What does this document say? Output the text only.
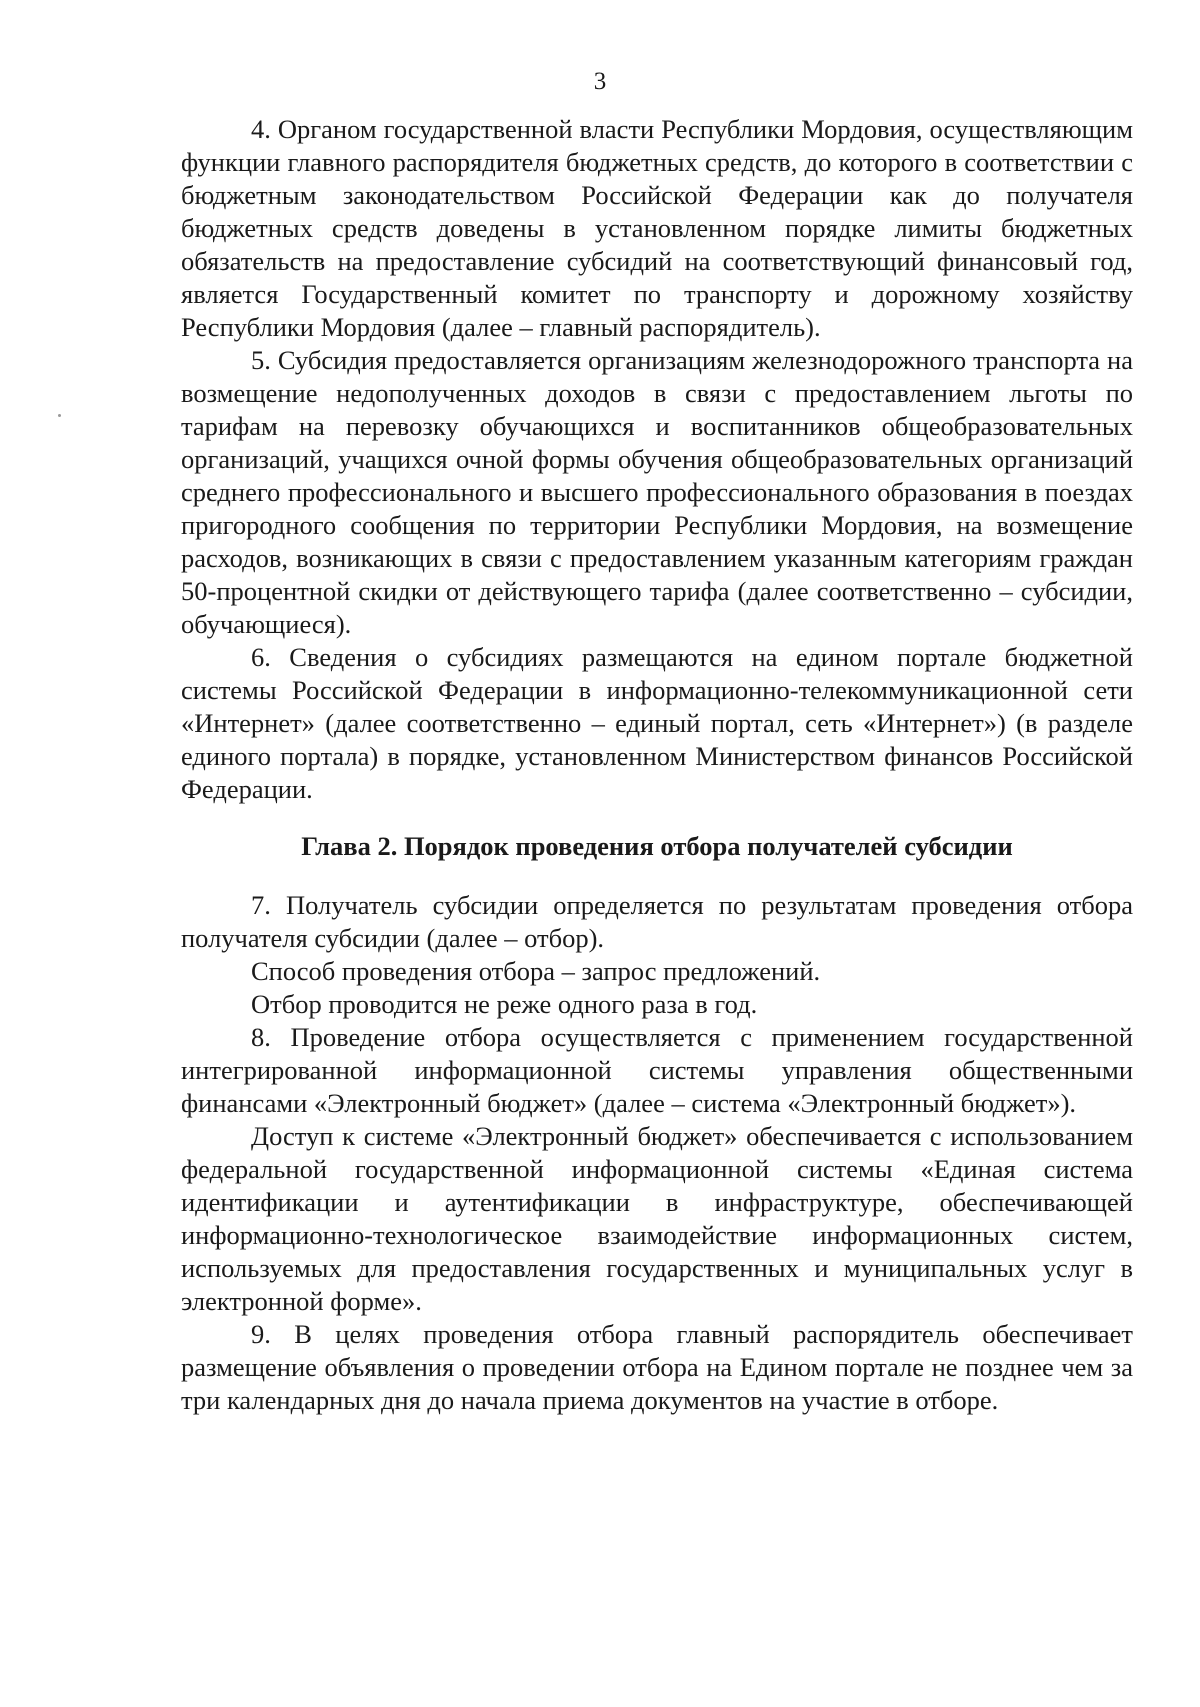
3

4. Органом государственной власти Республики Мордовия, осуществляющим функции главного распорядителя бюджетных средств, до которого в соответствии с бюджетным законодательством Российской Федерации как до получателя бюджетных средств доведены в установленном порядке лимиты бюджетных обязательств на предоставление субсидий на соответствующий финансовый год, является Государственный комитет по транспорту и дорожному хозяйству Республики Мордовия (далее – главный распорядитель).

5. Субсидия предоставляется организациям железнодорожного транспорта на возмещение недополученных доходов в связи с предоставлением льготы по тарифам на перевозку обучающихся и воспитанников общеобразовательных организаций, учащихся очной формы обучения общеобразовательных организаций среднего профессионального и высшего профессионального образования в поездах пригородного сообщения по территории Республики Мордовия, на возмещение расходов, возникающих в связи с предоставлением указанным категориям граждан 50-процентной скидки от действующего тарифа (далее соответственно – субсидии, обучающиеся).

6. Сведения о субсидиях размещаются на едином портале бюджетной системы Российской Федерации в информационно-телекоммуникационной сети «Интернет» (далее соответственно – единый портал, сеть «Интернет») (в разделе единого портала) в порядке, установленном Министерством финансов Российской Федерации.

Глава 2. Порядок проведения отбора получателей субсидии

7. Получатель субсидии определяется по результатам проведения отбора получателя субсидии (далее – отбор).

Способ проведения отбора – запрос предложений.

Отбор проводится не реже одного раза в год.

8. Проведение отбора осуществляется с применением государственной интегрированной информационной системы управления общественными финансами «Электронный бюджет» (далее – система «Электронный бюджет»).

Доступ к системе «Электронный бюджет» обеспечивается с использованием федеральной государственной информационной системы «Единая система идентификации и аутентификации в инфраструктуре, обеспечивающей информационно-технологическое взаимодействие информационных систем, используемых для предоставления государственных и муниципальных услуг в электронной форме».

9. В целях проведения отбора главный распорядитель обеспечивает размещение объявления о проведении отбора на Едином портале не позднее чем за три календарных дня до начала приема документов на участие в отборе.
